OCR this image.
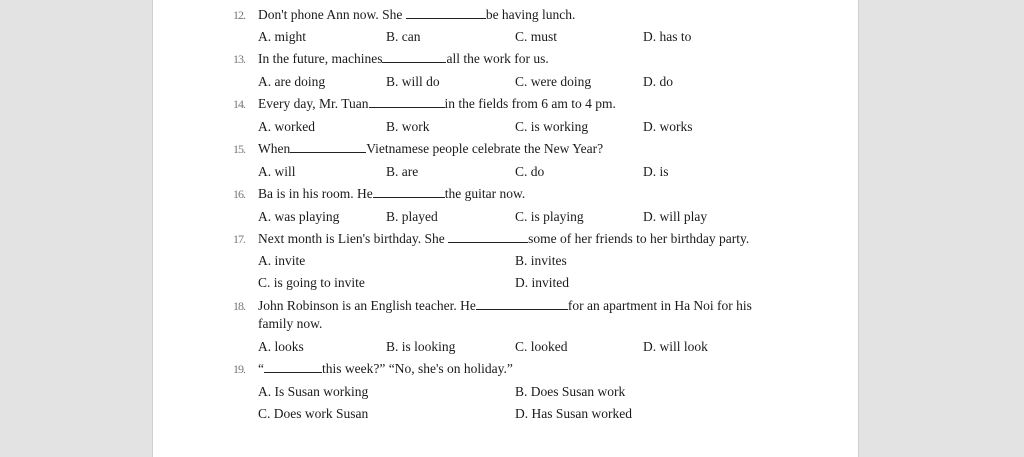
12. Don't phone Ann now. She	be having lunch.
A. might	B. can	C. must	D. has to
13. In the future, machines	all the work for us.
A. are doing	B. will do	C. were doing	D. do
14. Every day, Mr. Tuan	in the fields from 6 am to 4 pm.
A. worked	B. work	C. is working	D. works
15. When	Vietnamese people celebrate the New Year?
A. will	B. are	C. do	D. is
16. Ba is in his room. He	the guitar now.
A. was playing	B. played	C. is playing	D. will play
17. Next month is Lien's birthday. She	some of her friends to her birthday party.
A. invite	B. invites
C. is going to invite	D. invited
18. John Robinson is an English teacher. He	for an apartment in Ha Noi for his family now.
A. looks	B. is looking	C. looked	D. will look
19. “	this week?” “No, she's on holiday.”
A. Is Susan working	B. Does Susan work
C. Does work Susan	D. Has Susan worked
